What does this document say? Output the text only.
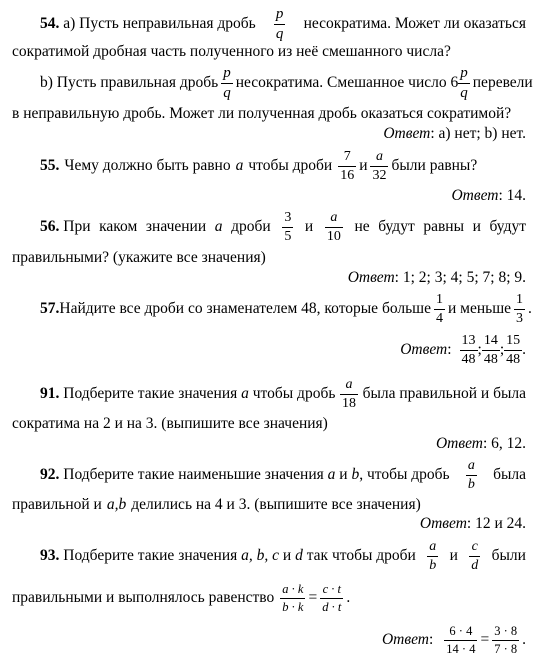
54. а) Пусть неправильная дробь $\frac{p}{q}$ несократима. Может ли оказаться
сократимой дробная часть полученного из неё смешанного числа?
b) Пусть правильная дробь $\frac{p}{q}$ несократима. Смешанное число $6 \frac{p}{q}$ перевели
в неправильную дробь. Может ли полученная дробь оказаться сократимой?
Ответ : а) нет; b) нет.
55. Чему должно быть равно a чтобы дроби $\frac{7}{16}$ и $\frac{a}{32}$ были равны?
Ответ : 14.
56. При каком значении a дроби $\frac{3}{5}$ и $\frac{a}{10}$ не будут равны и будут
правильными? (укажите все значения)
Ответ : 1; 2; 3; 4; 5; 7; 8; 9.
57. Найдите все дроби со знаменателем 48, которые больше $\frac{1}{4}$ и меньше $\frac{1}{3}$ .
Ответ : $\frac{13}{48}$ ; $\frac{14}{48}$ ; $\frac{15}{48}$ .
91. Подберите такие значения a чтобы дробь $\frac{a}{18}$ была правильной и была
сократима на 2 и на 3. (выпишите все значения)
Ответ : 6, 12.
92. Подберите такие наименьшие значения a и b, чтобы дробь $\frac{a}{b}$ была
правильной и a,b делились на 4 и 3. (выпишите все значения)
Ответ : 12 и 24.
93. Подберите такие значения a, b, c и d так чтобы дроби $\frac{a}{b}$ и $\frac{c}{d}$ были
правильными и выполнялось равенство $\frac{a \cdot k}{b \cdot k} = \frac{c \cdot t}{d \cdot t}$ .
Ответ : $\frac{6 \cdot 4}{14 \cdot 4} = \frac{3 \cdot 8}{7 \cdot 8}$ .
